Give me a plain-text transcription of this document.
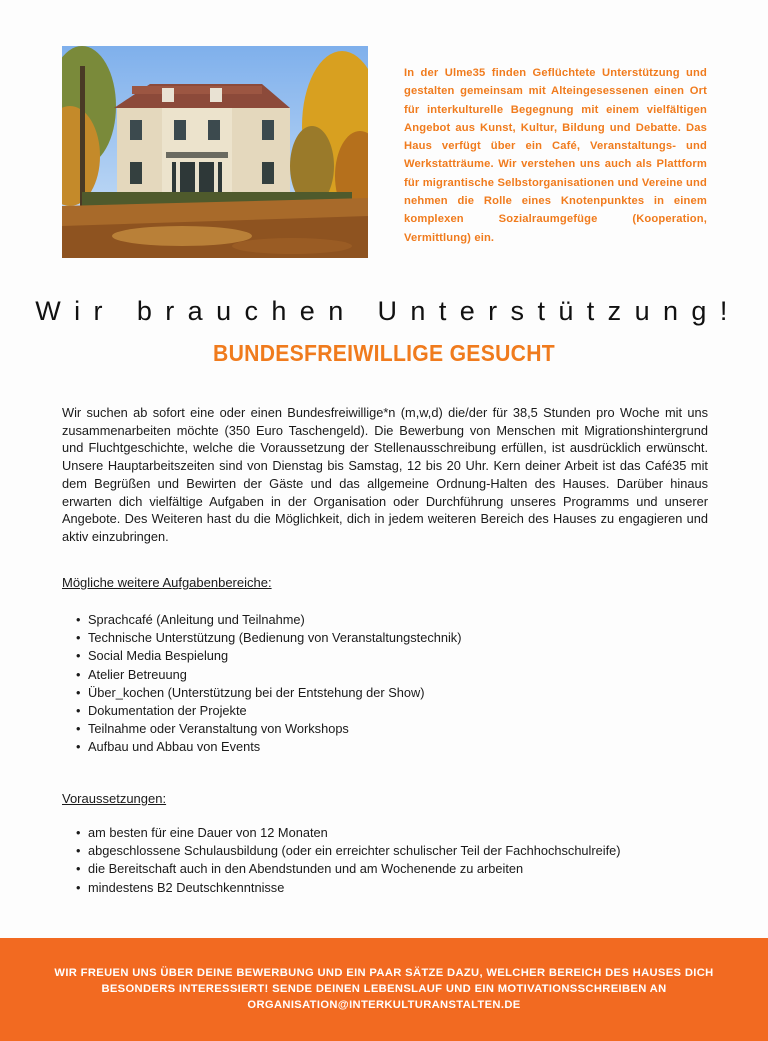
In der Ulme35 finden Geflüchtete Unterstützung und gestalten gemeinsam mit Alteingesessenen einen Ort für interkulturelle Begegnung mit einem vielfältigen Angebot aus Kunst, Kultur, Bildung und Debatte. Das Haus verfügt über ein Café, Veranstaltungs- und Werkstatträume. Wir verstehen uns auch als Plattform für migrantische Selbstorganisationen und Vereine und nehmen die Rolle eines Knotenpunktes in einem komplexen Sozialraumgefüge (Kooperation, Vermittlung) ein.
Wir brauchen Unterstützung!
BUNDESFREIWILLIGE GESUCHT
Wir suchen ab sofort eine oder einen Bundesfreiwillige*n (m,w,d) die/der für 38,5 Stunden pro Woche mit uns zusammenarbeiten möchte (350 Euro Taschengeld). Die Bewerbung von Menschen mit Migrationshintergrund und Fluchtgeschichte, welche die Voraussetzung der Stellenausschreibung erfüllen, ist ausdrücklich erwünscht. Unsere Hauptarbeitszeiten sind von Dienstag bis Samstag, 12 bis 20 Uhr. Kern deiner Arbeit ist das Café35 mit dem Begrüßen und Bewirten der Gäste und das allgemeine Ordnung-Halten des Hauses. Darüber hinaus erwarten dich vielfältige Aufgaben in der Organisation oder Durchführung unseres Programms und unserer Angebote. Des Weiteren hast du die Möglichkeit, dich in jedem weiteren Bereich des Hauses zu engagieren und aktiv einzubringen.
Mögliche weitere Aufgabenbereiche:
• Sprachcafé (Anleitung und Teilnahme)
• Technische Unterstützung (Bedienung von Veranstaltungstechnik)
• Social Media Bespielung
• Atelier Betreuung
• Über_kochen (Unterstützung bei der Entstehung der Show)
• Dokumentation der Projekte
• Teilnahme oder Veranstaltung von Workshops
• Aufbau und Abbau von Events
Voraussetzungen:
• am besten für eine Dauer von 12 Monaten
• abgeschlossene Schulausbildung (oder ein erreichter schulischer Teil der Fachhochschulreife)
• die Bereitschaft auch in den Abendstunden und am Wochenende zu arbeiten
• mindestens B2 Deutschkenntnisse
WIR FREUEN UNS ÜBER DEINE BEWERBUNG UND EIN PAAR SÄTZE DAZU, WELCHER BEREICH DES HAUSES DICH
BESONDERS INTERESSIERT! SENDE DEINEN LEBENSLAUF UND EIN MOTIVATIONSSCHREIBEN AN
ORGANISATION@INTERKULTURANSTALTEN.DE
